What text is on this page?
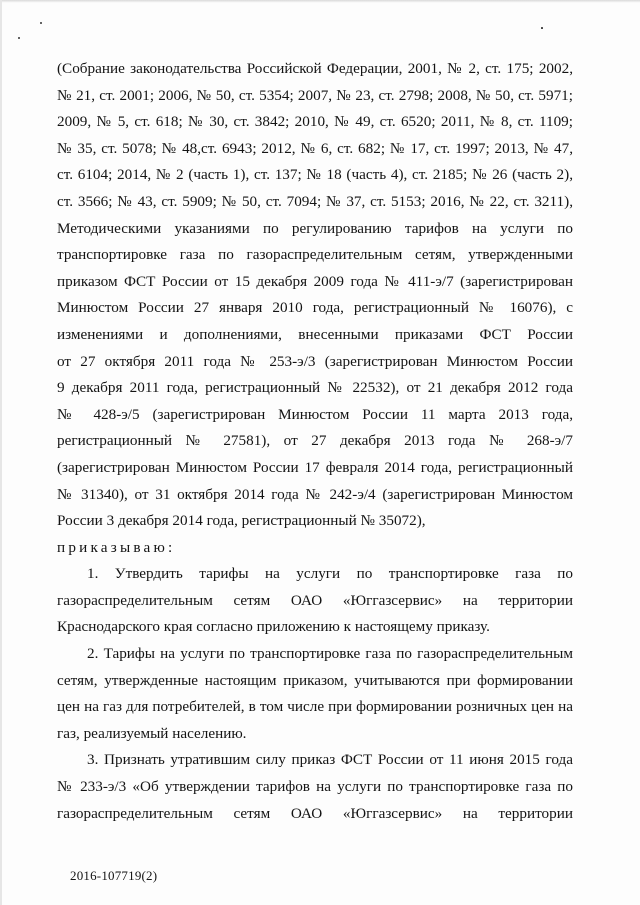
(Собрание законодательства Российской Федерации, 2001, № 2, ст. 175; 2002,
№ 21, ст. 2001; 2006, № 50, ст. 5354; 2007, № 23, ст. 2798; 2008, № 50, ст. 5971;
2009, № 5, ст. 618; № 30, ст. 3842; 2010, № 49, ст. 6520; 2011, № 8, ст. 1109;
№ 35, ст. 5078; № 48,ст. 6943; 2012, № 6, ст. 682; № 17, ст. 1997; 2013, № 47,
ст. 6104; 2014, № 2 (часть 1), ст. 137; № 18 (часть 4), ст. 2185; № 26 (часть 2),
ст. 3566; № 43, ст. 5909; № 50, ст. 7094; № 37, ст. 5153; 2016, № 22, ст. 3211),
Методическими указаниями по регулированию тарифов на услуги по
транспортировке газа по газораспределительным сетям, утвержденными
приказом ФСТ России от 15 декабря 2009 года № 411-э/7 (зарегистрирован
Минюстом России 27 января 2010 года, регистрационный № 16076), с
изменениями и дополнениями, внесенными приказами ФСТ России
от 27 октября 2011 года № 253-э/3 (зарегистрирован Минюстом России
9 декабря 2011 года, регистрационный № 22532), от 21 декабря 2012 года
№ 428-э/5 (зарегистрирован Минюстом России 11 марта 2013 года,
регистрационный № 27581), от 27 декабря 2013 года № 268-э/7
(зарегистрирован Минюстом России 17 февраля 2014 года, регистрационный
№ 31340), от 31 октября 2014 года № 242-э/4 (зарегистрирован Минюстом
России 3 декабря 2014 года, регистрационный № 35072),
приказываю:
1. Утвердить тарифы на услуги по транспортировке газа по
газораспределительным сетям ОАО «Юггазсервис» на территории
Краснодарского края согласно приложению к настоящему приказу.
2. Тарифы на услуги по транспортировке газа по газораспределительным
сетям, утвержденные настоящим приказом, учитываются при формировании
цен на газ для потребителей, в том числе при формировании розничных цен на
газ, реализуемый населению.
3. Признать утратившим силу приказ ФСТ России от 11 июня 2015 года
№ 233-э/3 «Об утверждении тарифов на услуги по транспортировке газа по
газораспределительным сетям ОАО «Юггазсервис» на территории
2016-107719(2)
